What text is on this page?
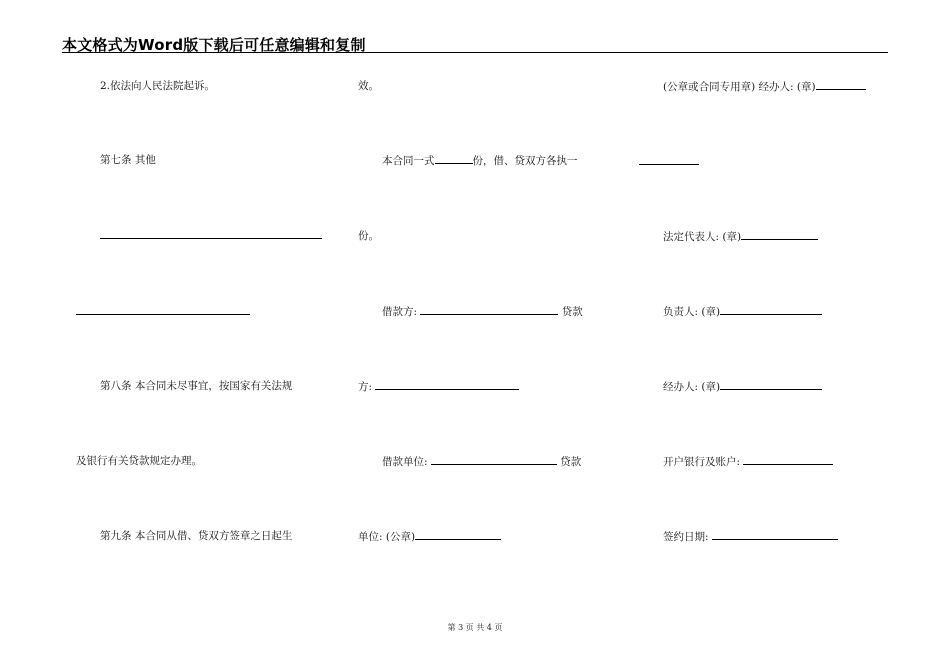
本文格式为Word版下载后可任意编辑和复制
2.依法向人民法院起诉。
第七条 其他
第八条 本合同未尽事宜，按国家有关法规
及银行有关贷款规定办理。
第九条 本合同从借、贷双方签章之日起生
效。
本合同一式	份，借、贷双方各执一
份。
借款方:	贷款
方:
借款单位:	贷款
单位: (公章)
(公章或合同专用章) 经办人: (章)
法定代表人: (章)
负责人: (章)
经办人: (章)
开户银行及账户:
签约日期:
第 3 页 共 4 页
